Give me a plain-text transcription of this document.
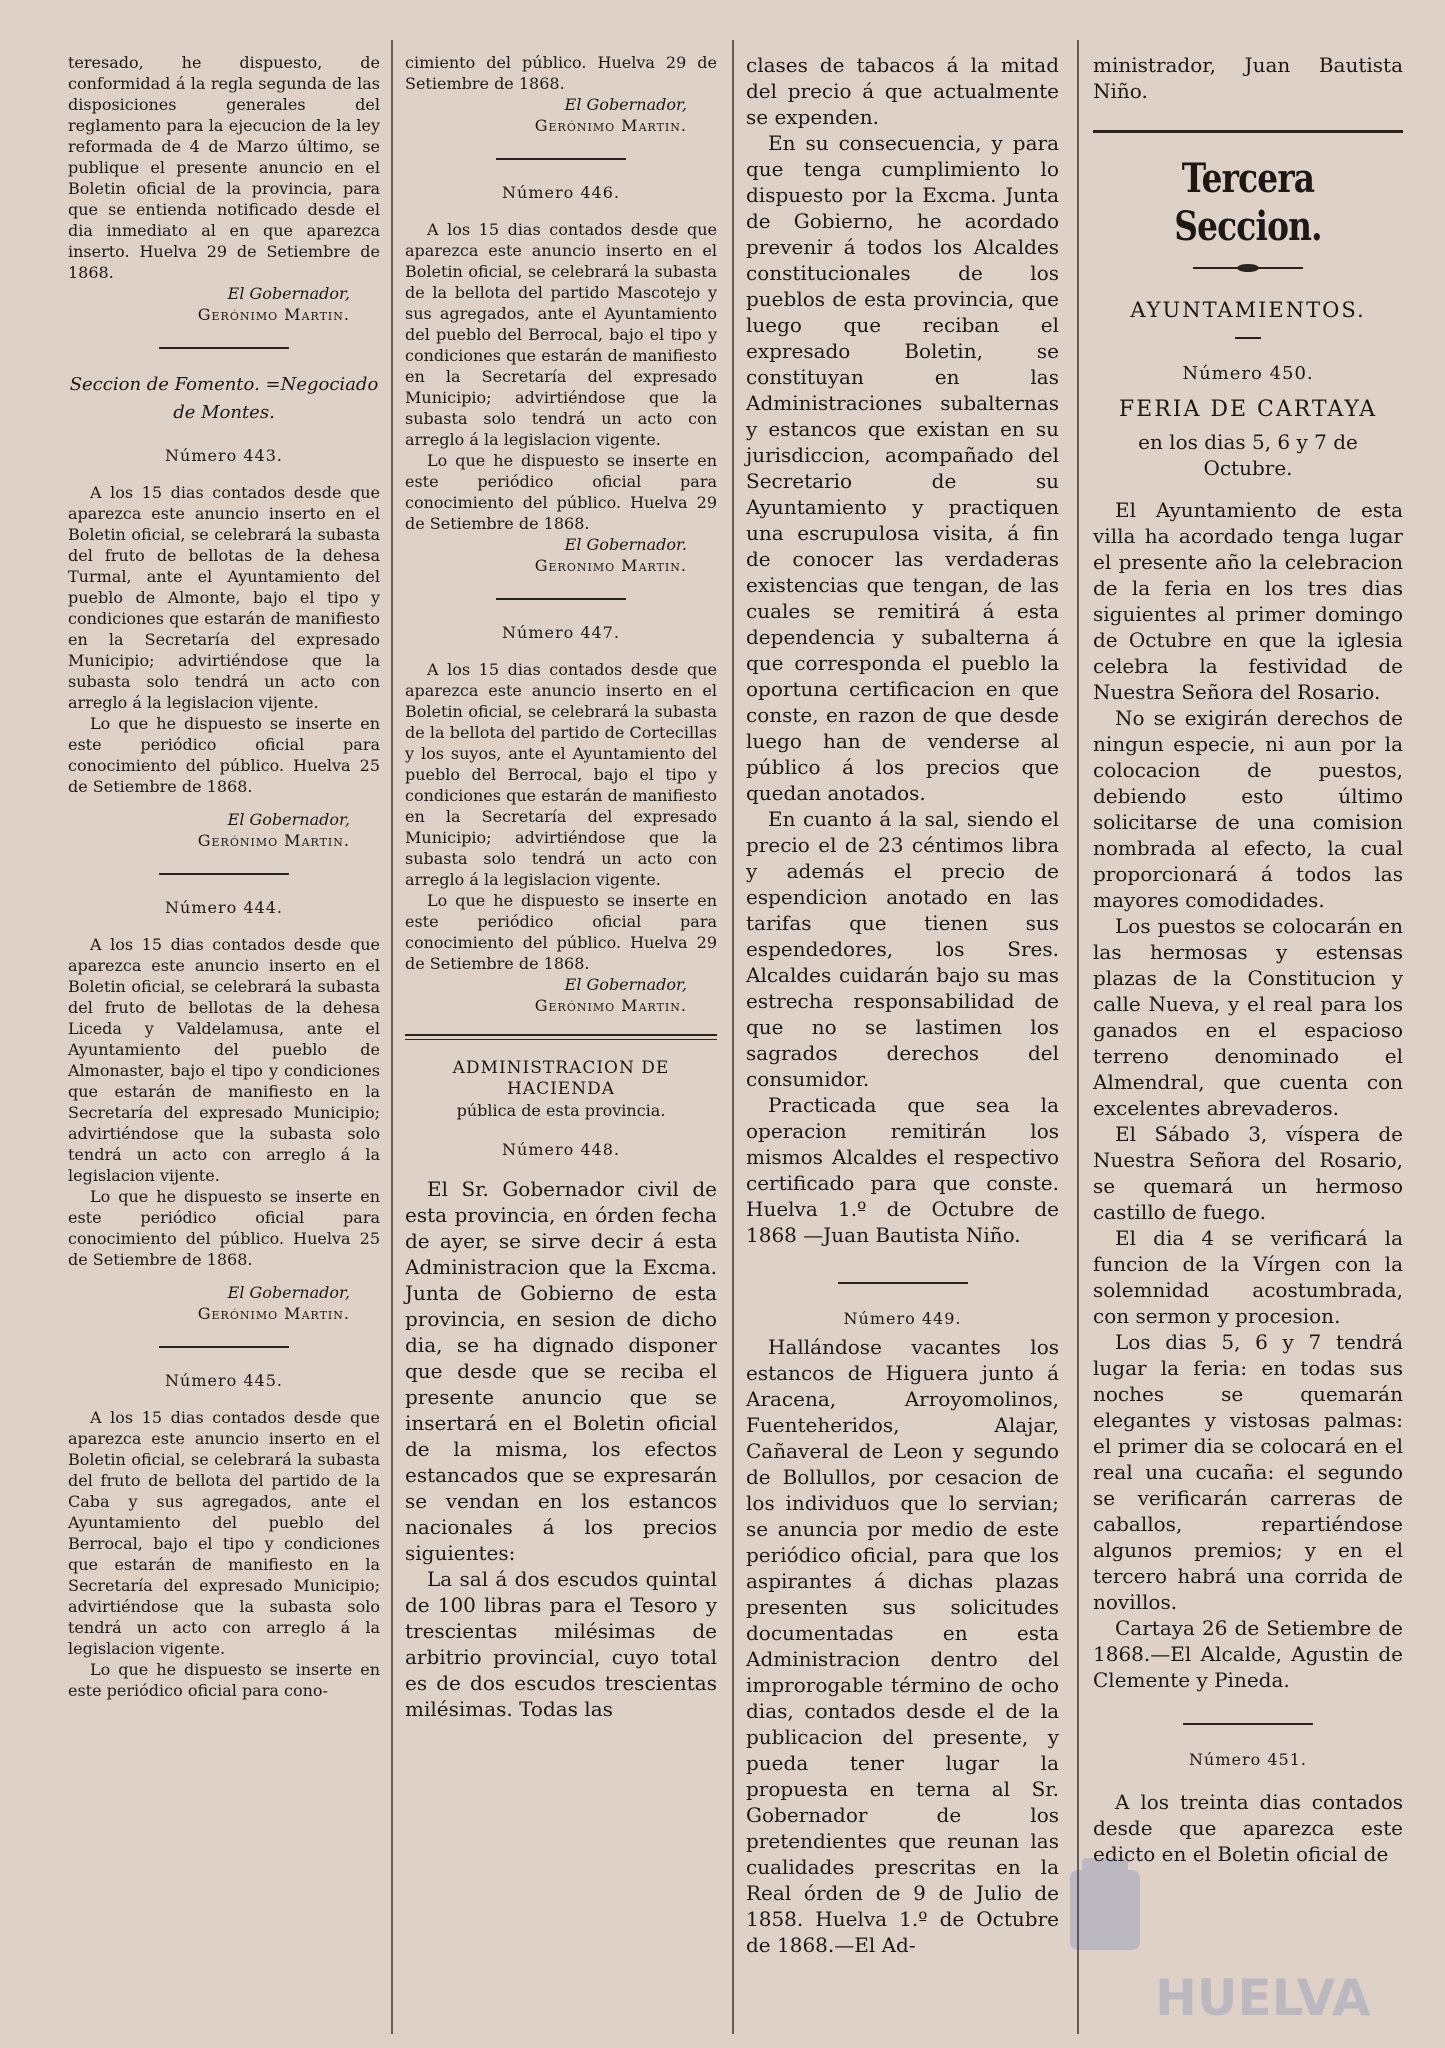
teresado, he dispuesto, de conformidad á la regla segunda de las disposiciones generales del reglamento para la ejecucion de la ley reformada de 4 de Marzo último, se publique el presente anuncio en el Boletin oficial de la provincia, para que se entienda notificado desde el dia inmediato al en que aparezca inserto. Huelva 29 de Setiembre de 1868.

El Gobernador,
Gerónimo Martin.

Seccion de Fomento. =Negociado de Montes.

Número 443.

A los 15 dias contados desde que aparezca este anuncio inserto en el Boletin oficial, se celebrará la subasta del fruto de bellotas de la dehesa Turmal, ante el Ayuntamiento del pueblo de Almonte, bajo el tipo y condiciones que estarán de manifiesto en la Secretaría del expresado Municipio; advirtiéndose que la subasta solo tendrá un acto con arreglo á la legislacion vijente.

Lo que he dispuesto se inserte en este periódico oficial para conocimiento del público. Huelva 25 de Setiembre de 1868.

El Gobernador,
Gerónimo Martin.
Número 444.

A los 15 dias contados desde que aparezca este anuncio inserto en el Boletin oficial, se celebrará la subasta del fruto de bellotas de la dehesa Liceda y Valdelamusa, ante el Ayuntamiento del pueblo de Almonaster, bajo el tipo y condiciones que estarán de manifiesto en la Secretaría del expresado Municipio; advirtiéndose que la subasta solo tendrá un acto con arreglo á la legislacion vijente.

Lo que he dispuesto se inserte en este periódico oficial para conocimiento del público. Huelva 25 de Setiembre de 1868.

El Gobernador,
Gerónimo Martin.
Número 445.

A los 15 dias contados desde que aparezca este anuncio inserto en el Boletin oficial, se celebrará la subasta del fruto de bellota del partido de la Caba y sus agregados, ante el Ayuntamiento del pueblo del Berrocal, bajo el tipo y condiciones que estarán de manifiesto en la Secretaría del expresado Municipio; advirtiéndose que la subasta solo tendrá un acto con arreglo á la legislacion vigente.

Lo que he dispuesto se inserte en este periódico oficial para cono-

cimiento del público. Huelva 29 de Setiembre de 1868.

El Gobernador,
Gerónimo Martin.
Número 446.

A los 15 dias contados desde que aparezca este anuncio inserto en el Boletin oficial, se celebrará la subasta de la bellota del partido Mascotejo y sus agregados, ante el Ayuntamiento del pueblo del Berrocal, bajo el tipo y condiciones que estarán de manifiesto en la Secretaría del expresado Municipio; advirtiéndose que la subasta solo tendrá un acto con arreglo á la legislacion vigente.

Lo que he dispuesto se inserte en este periódico oficial para conocimiento del público. Huelva 29 de Setiembre de 1868.

El Gobernador.
Geronimo Martin.
Número 447.

A los 15 dias contados desde que aparezca este anuncio inserto en el Boletin oficial, se celebrará la subasta de la bellota del partido de Cortecillas y los suyos, ante el Ayuntamiento del pueblo del Berrocal, bajo el tipo y condiciones que estarán de manifiesto en la Secretaría del expresado Municipio; advirtiéndose que la subasta solo tendrá un acto con arreglo á la legislacion vigente.

Lo que he dispuesto se inserte en este periódico oficial para conocimiento del público. Huelva 29 de Setiembre de 1868.

El Gobernador,
Gerónimo Martin.
ADMINISTRACION DE HACIENDA
pública de esta provincia.
Número 448.

El Sr. Gobernador civil de esta provincia, en órden fecha de ayer, se sirve decir á esta Administracion que la Excma. Junta de Gobierno de esta provincia, en sesion de dicho dia, se ha dignado disponer que desde que se reciba el presente anuncio que se insertará en el Boletin oficial de la misma, los efectos estancados que se expresarán se vendan en los estancos nacionales á los precios siguientes:

La sal á dos escudos quintal de 100 libras para el Tesoro y trescientas milésimas de arbitrio provincial, cuyo total es de dos escudos trescientas milésimas. Todas las

clases de tabacos á la mitad del precio á que actualmente se expenden.

En su consecuencia, y para que tenga cumplimiento lo dispuesto por la Excma. Junta de Gobierno, he acordado prevenir á todos los Alcaldes constitucionales de los pueblos de esta provincia, que luego que reciban el expresado Boletin, se constituyan en las Administraciones subalternas y estancos que existan en su jurisdiccion, acompañado del Secretario de su Ayuntamiento y practiquen una escrupulosa visita, á fin de conocer las verdaderas existencias que tengan, de las cuales se remitirá á esta dependencia y subalterna á que corresponda el pueblo la oportuna certificacion en que conste, en razon de que desde luego han de venderse al público á los precios que quedan anotados.

En cuanto á la sal, siendo el precio el de 23 céntimos libra y además el precio de espendicion anotado en las tarifas que tienen sus espendedores, los Sres. Alcaldes cuidarán bajo su mas estrecha responsabilidad de que no se lastimen los sagrados derechos del consumidor.

Practicada que sea la operacion remitirán los mismos Alcaldes el respectivo certificado para que conste. Huelva 1.º de Octubre de 1868 —Juan Bautista Niño.

Número 449.

Hallándose vacantes los estancos de Higuera junto á Aracena, Arroyomolinos, Fuenteheridos, Alajar, Cañaveral de Leon y segundo de Bollullos, por cesacion de los individuos que lo servian; se anuncia por medio de este periódico oficial, para que los aspirantes á dichas plazas presenten sus solicitudes documentadas en esta Administracion dentro del improrogable término de ocho dias, contados desde el de la publicacion del presente, y pueda tener lugar la propuesta en terna al Sr. Gobernador de los pretendientes que reunan las cualidades prescritas en la Real órden de 9 de Julio de 1858. Huelva 1.º de Octubre de 1868.—El Ad-

ministrador, Juan Bautista Niño.

Tercera Seccion.
AYUNTAMIENTOS.
Número 450.
FERIA DE CARTAYA

en los dias 5, 6 y 7 de Octubre.

El Ayuntamiento de esta villa ha acordado tenga lugar el presente año la celebracion de la feria en los tres dias siguientes al primer domingo de Octubre en que la iglesia celebra la festividad de Nuestra Señora del Rosario.

No se exigirán derechos de ningun especie, ni aun por la colocacion de puestos, debiendo esto último solicitarse de una comision nombrada al efecto, la cual proporcionará á todos las mayores comodidades.

Los puestos se colocarán en las hermosas y estensas plazas de la Constitucion y calle Nueva, y el real para los ganados en el espacioso terreno denominado el Almendral, que cuenta con excelentes abrevaderos.

El Sábado 3, víspera de Nuestra Señora del Rosario, se quemará un hermoso castillo de fuego.

El dia 4 se verificará la funcion de la Vírgen con la solemnidad acostumbrada, con sermon y procesion.

Los dias 5, 6 y 7 tendrá lugar la feria: en todas sus noches se quemarán elegantes y vistosas palmas: el primer dia se colocará en el real una cucaña: el segundo se verificarán carreras de caballos, repartiéndose algunos premios; y en el tercero habrá una corrida de novillos.

Cartaya 26 de Setiembre de 1868.—El Alcalde, Agustin de Clemente y Pineda.

Número 451.

A los treinta dias contados desde que aparezca este edicto en el Boletin oficial de

HUELVA
